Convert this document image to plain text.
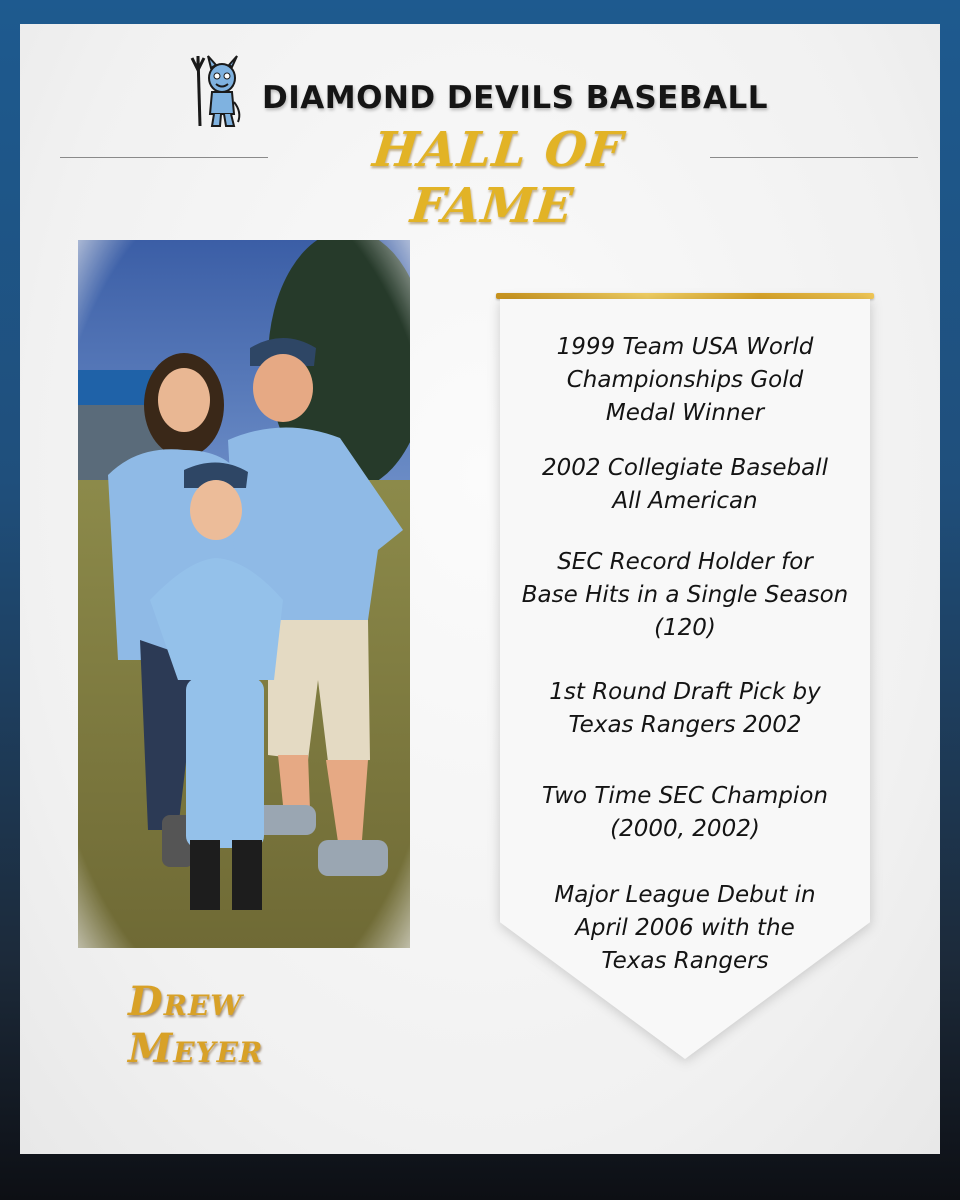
DIAMOND DEVILS BASEBALL
HALL OF FAME
Drew Meyer
1999 Team USA World
Championships Gold
Medal Winner
2002 Collegiate Baseball
All American
SEC Record Holder for
Base Hits in a Single Season
(120)
1st Round Draft Pick by
Texas Rangers 2002
Two Time SEC Champion
(2000, 2002)
Major League Debut in
April 2006 with the
Texas Rangers
